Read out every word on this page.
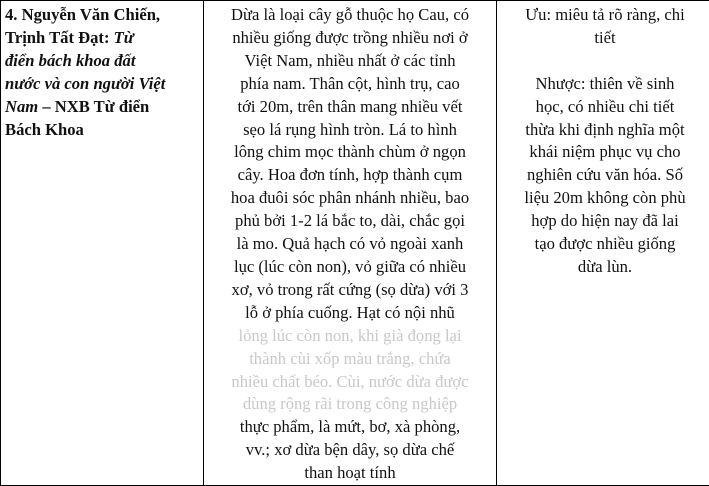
4. Nguyễn Văn Chiến,
Trịnh Tất Đạt: Từ
điển bách khoa đất
nước và con người Việt
Nam – NXB Từ điển
Bách Khoa

Dừa là loại cây gỗ thuộc họ Cau, có
nhiều giống được trồng nhiều nơi ở
Việt Nam, nhiều nhất ở các tỉnh
phía nam. Thân cột, hình trụ, cao
tới 20m, trên thân mang nhiều vết
sẹo lá rụng hình tròn. Lá to hình
lông chim mọc thành chùm ở ngọn
cây. Hoa đơn tính, hợp thành cụm
hoa đuôi sóc phân nhánh nhiều, bao
phủ bởi 1-2 lá bắc to, dài, chắc gọi
là mo. Quả hạch có vỏ ngoài xanh
lục (lúc còn non), vỏ giữa có nhiều
xơ, vỏ trong rất cứng (sọ dừa) với 3
lỗ ở phía cuống. Hạt có nội nhũ
lỏng lúc còn non, khi già đọng lại
thành cùi xốp màu trắng, chứa
nhiều chất béo. Cùi, nước dừa được
dùng rộng rãi trong công nghiệp
thực phẩm, là mứt, bơ, xà phòng,
vv.; xơ dừa bện dây, sọ dừa chế
than hoạt tính

Ưu: miêu tả rõ ràng, chi
tiết
Nhược: thiên về sinh
học, có nhiều chi tiết
thừa khi định nghĩa một
khái niệm phục vụ cho
nghiên cứu văn hóa. Số
liệu 20m không còn phù
hợp do hiện nay đã lai
tạo được nhiều giống
dừa lùn.
